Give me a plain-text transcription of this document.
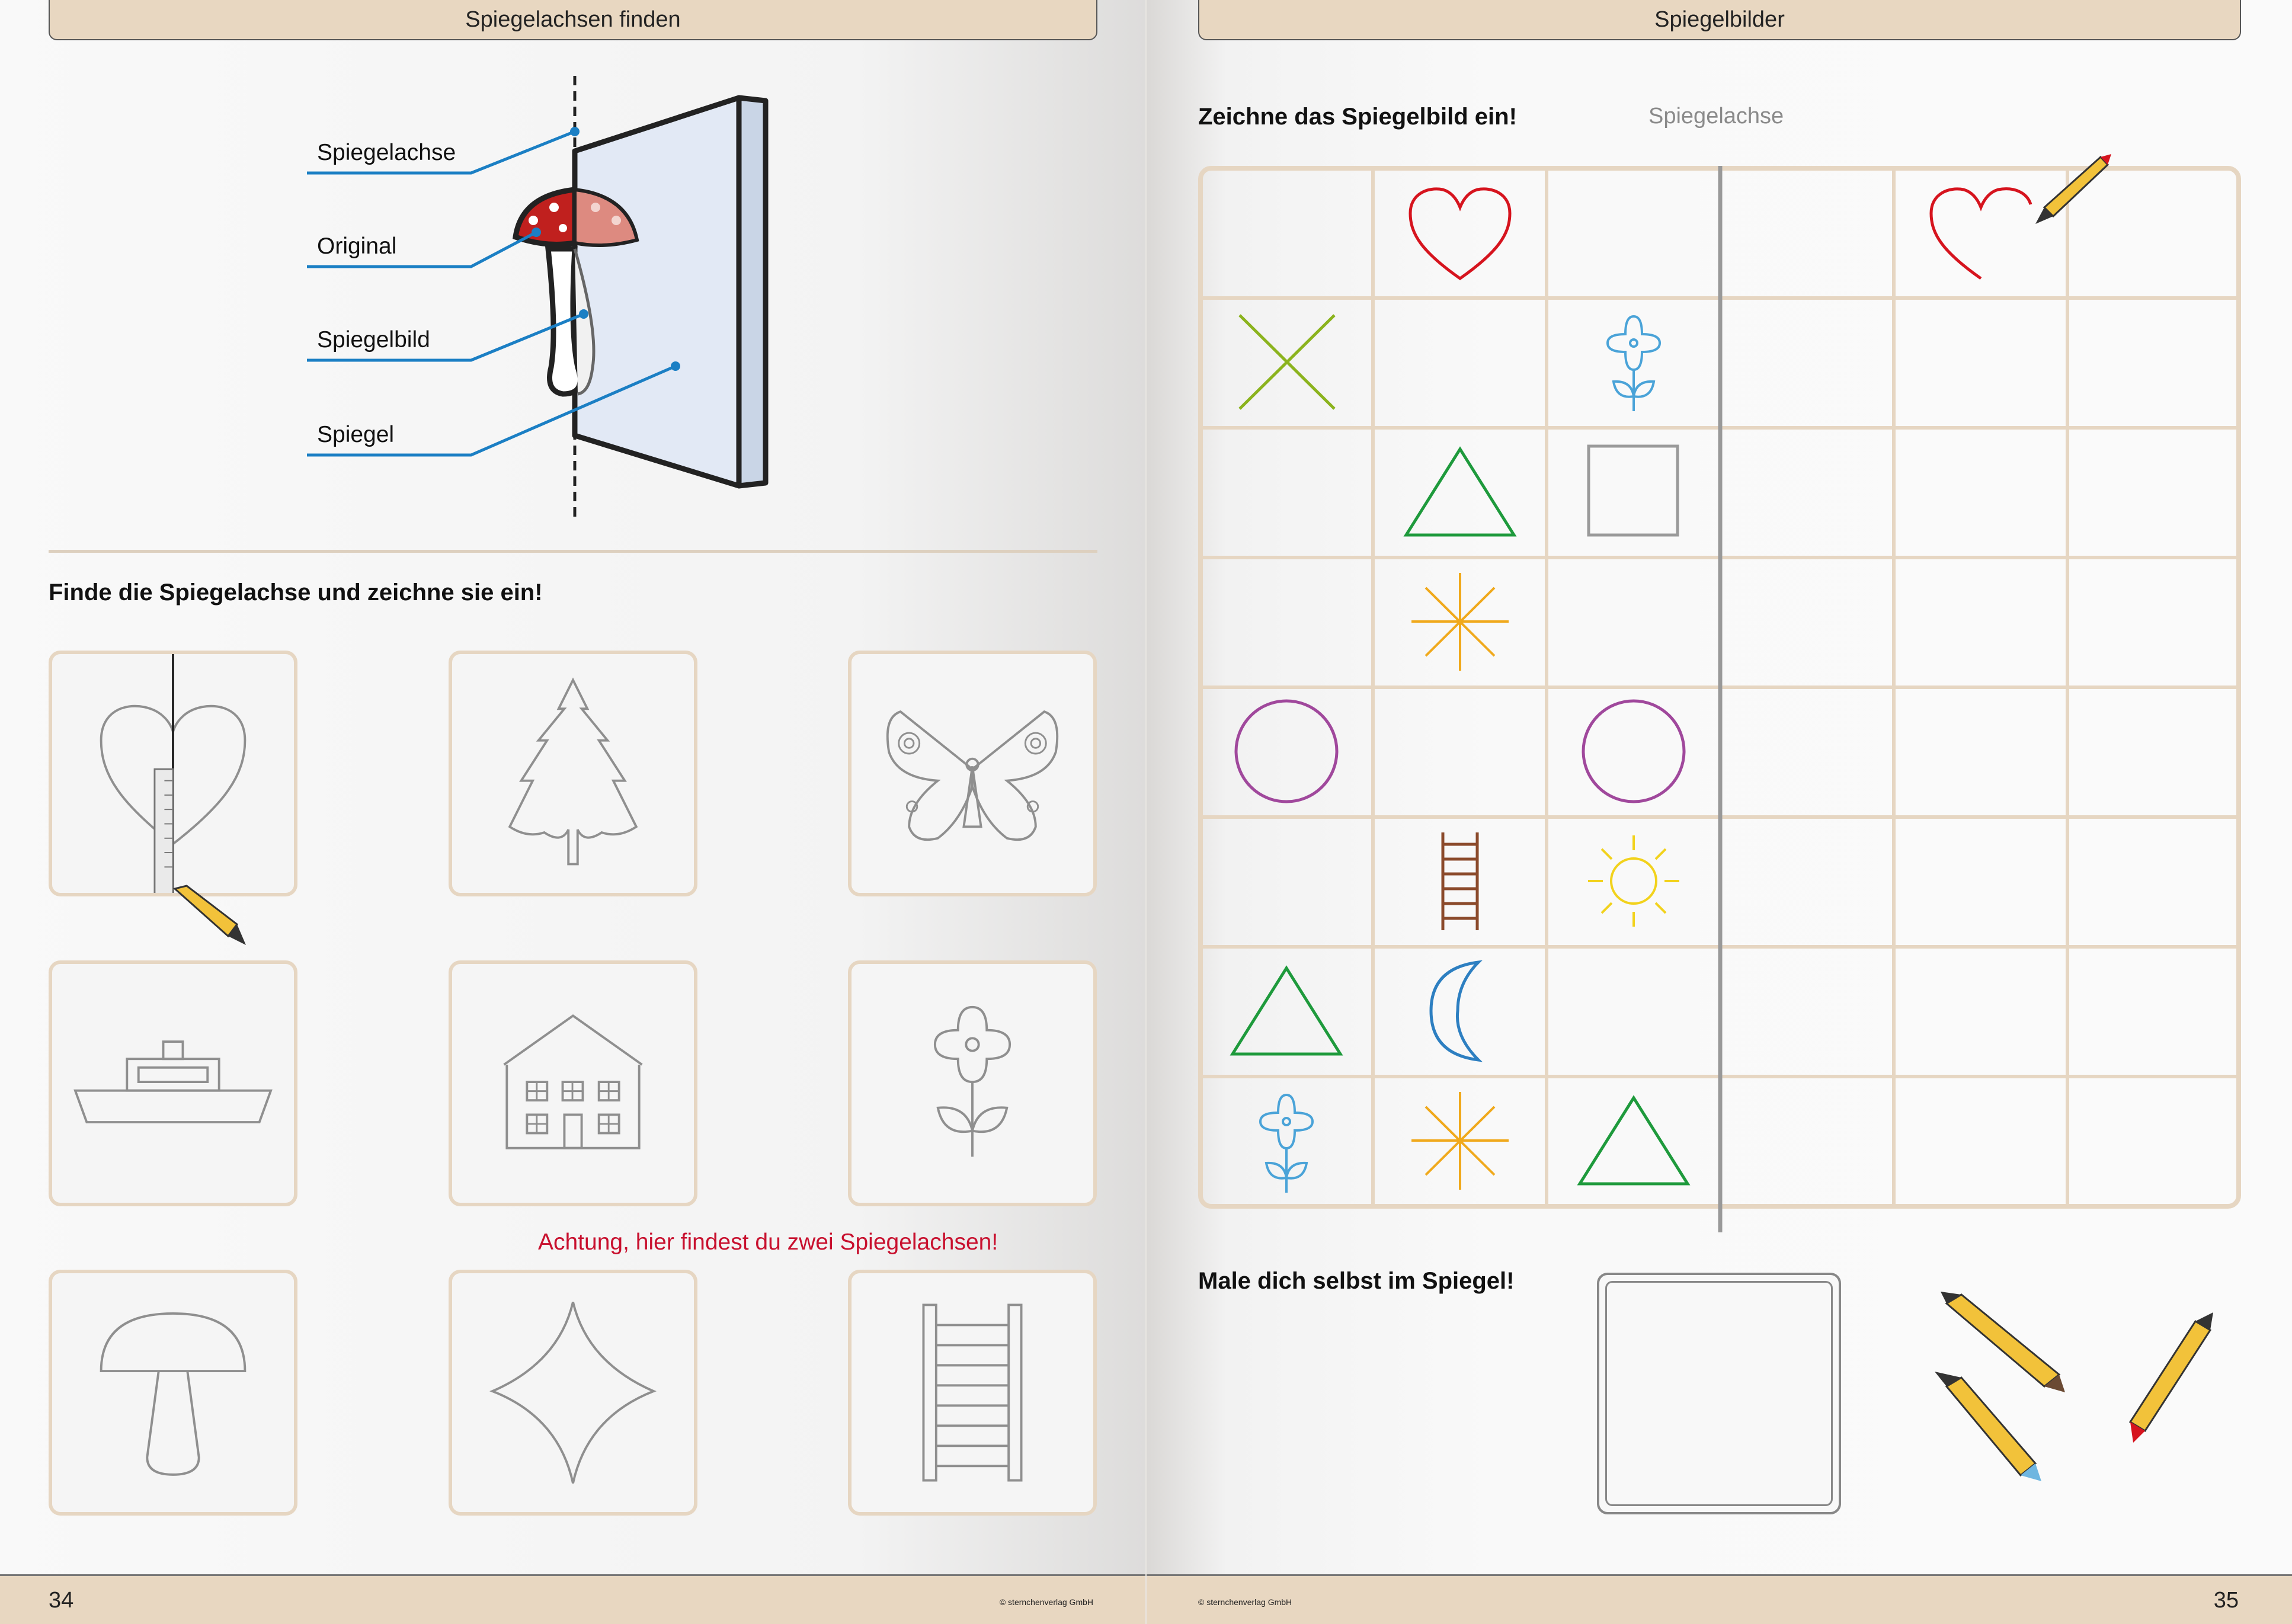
Spiegelachsen finden
Spiegelachse
Original
Spiegelbild
Spiegel
Finde die Spiegelachse und zeichne sie ein!
Achtung, hier findest du zwei Spiegelachsen!
34	© sternchenverlag GmbH
Spiegelbilder
Zeichne das Spiegelbild ein!	Spiegelachse
Male dich selbst im Spiegel!
© sternchenverlag GmbH	35
